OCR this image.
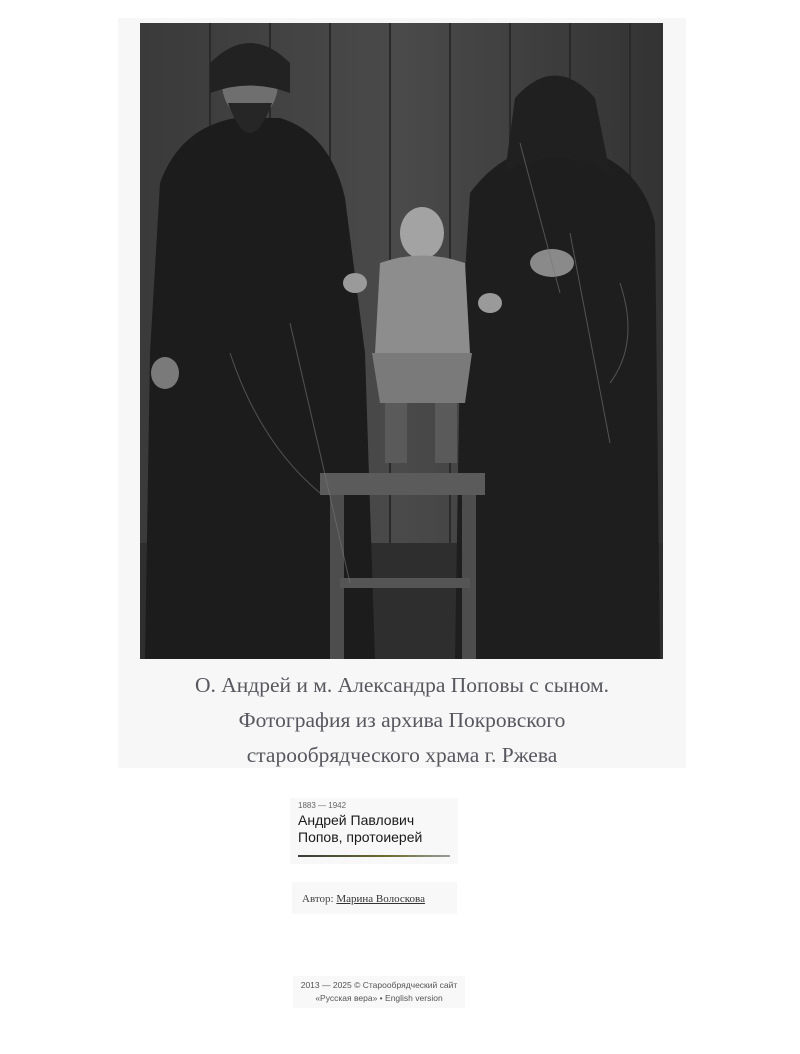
О. Андрей и м. Александра Поповы с сыном.
Фотография из архива Покровского
старообрядческого храма г. Ржева
1883 — 1942
Андрей Павлович
Попов, протоиерей
Автор: Марина Волоскова
2013 — 2025 © Старообрядческий сайт
«Русская вера» • English version
